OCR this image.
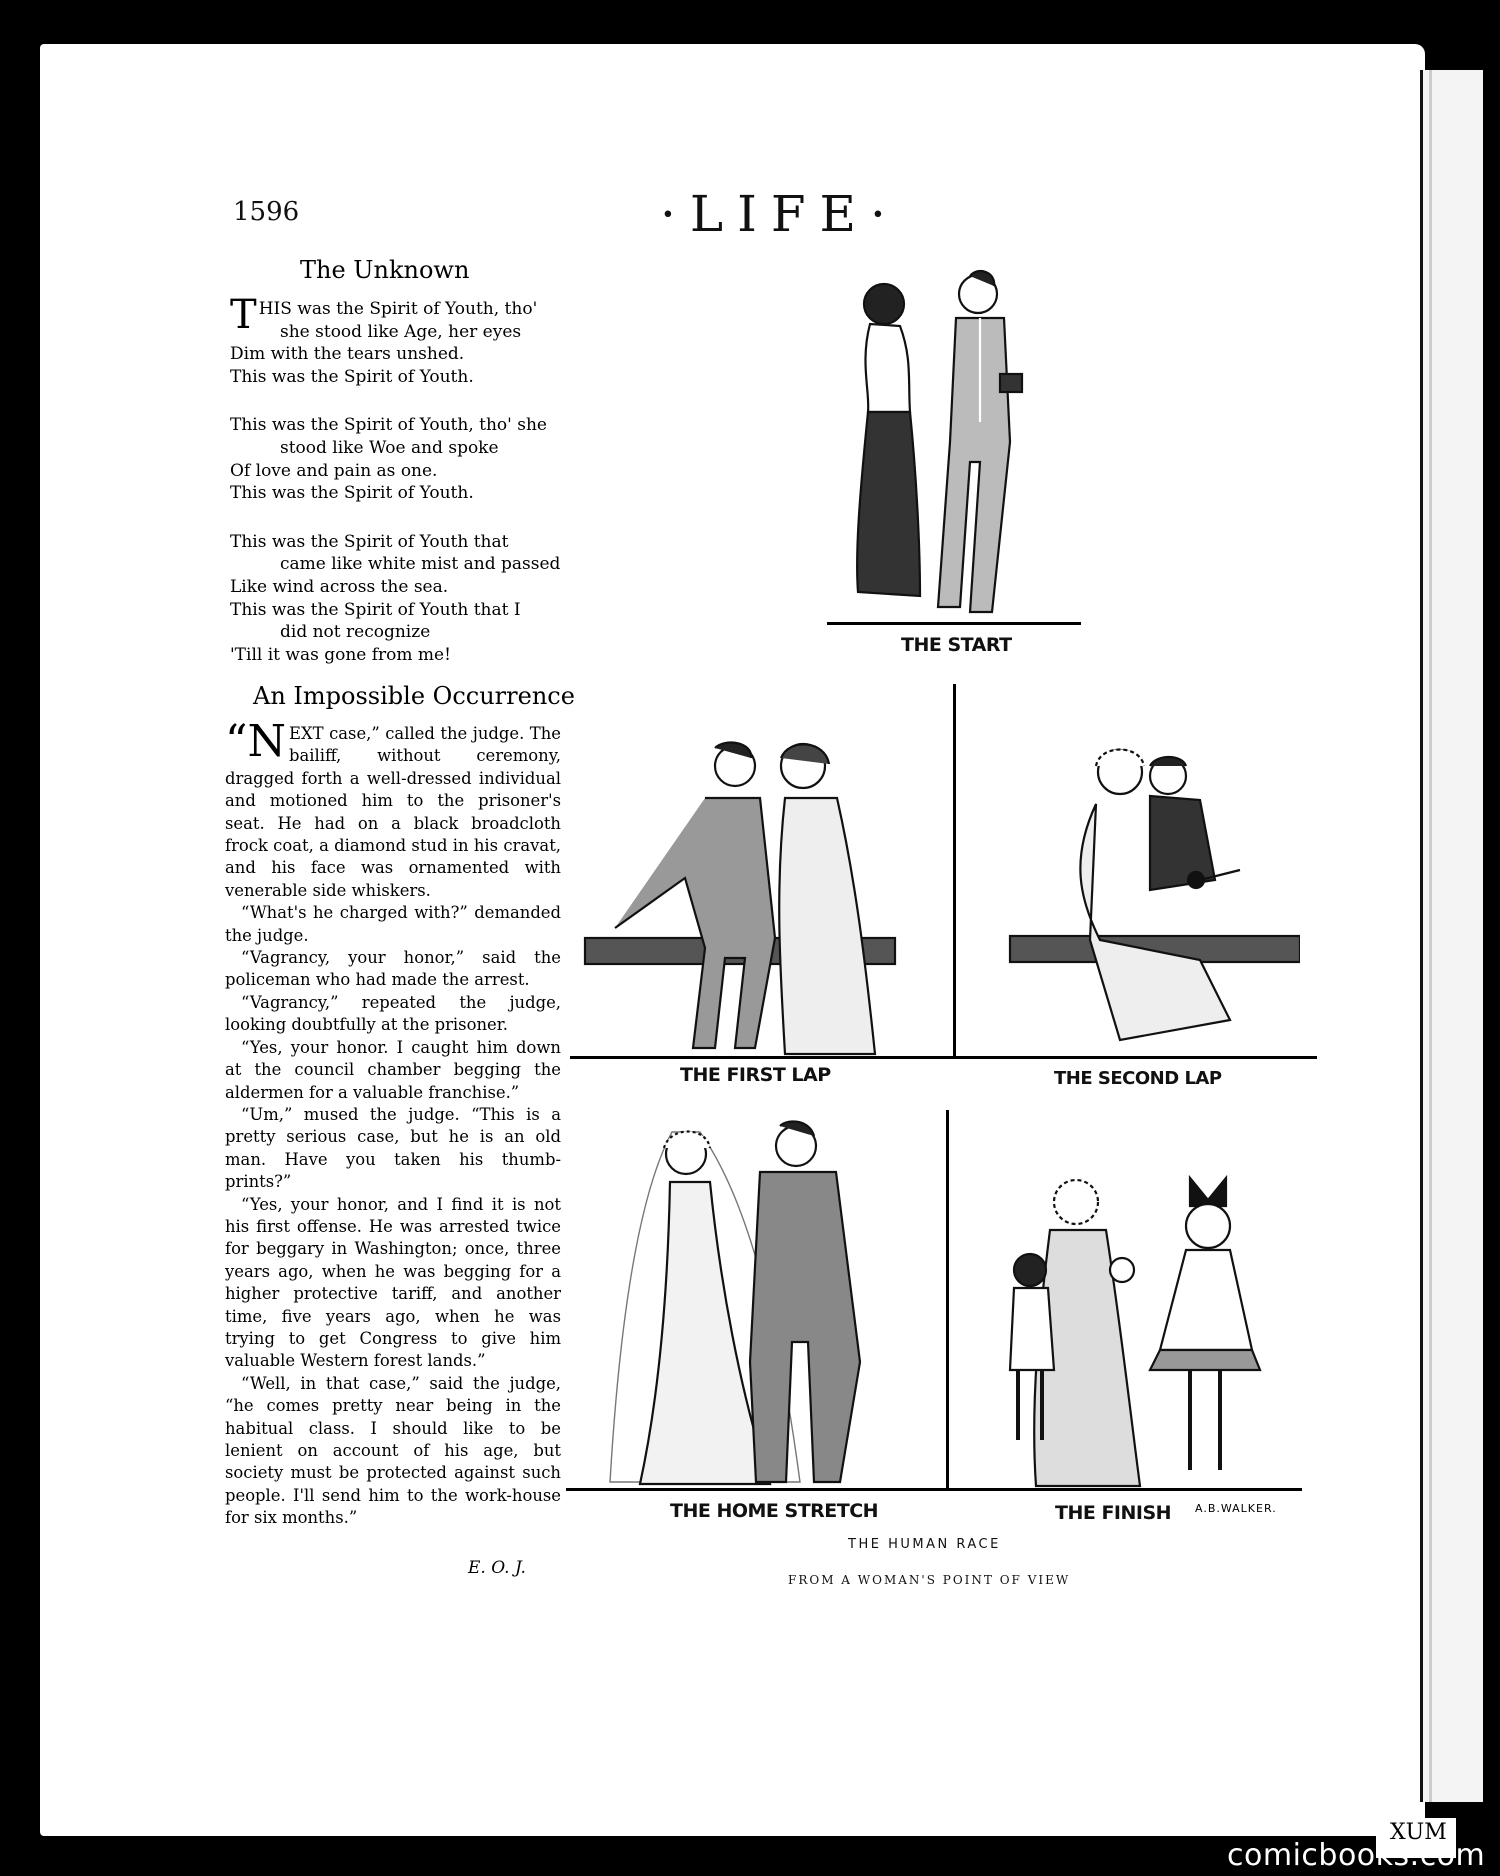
1596	·LIFE·
The Unknown

T HIS was the Spirit of Youth, tho'
she stood like Age, her eyes
Dim with the tears unshed.
This was the Spirit of Youth.

This was the Spirit of Youth, tho' she
stood like Woe and spoke
Of love and pain as one.
This was the Spirit of Youth.

This was the Spirit of Youth that
came like white mist and passed
Like wind across the sea.
This was the Spirit of Youth that I
did not recognize
'Till it was gone from me!

An Impossible Occurrence

“N EXT case,” called the judge. The bailiff, without ceremony, dragged forth a well-dressed individual and motioned him to the prisoner's seat. He had on a black broadcloth frock coat, a diamond stud in his cravat, and his face was ornamented with venerable side whiskers.

“What's he charged with?” demanded the judge.

“Vagrancy, your honor,” said the policeman who had made the arrest.

“Vagrancy,” repeated the judge, looking doubtfully at the prisoner.

“Yes, your honor. I caught him down at the council chamber begging the aldermen for a valuable franchise.”

“Um,” mused the judge. “This is a pretty serious case, but he is an old man. Have you taken his thumb-prints?”

“Yes, your honor, and I find it is not his first offense. He was arrested twice for beggary in Washington; once, three years ago, when he was begging for a higher protective tariff, and another time, five years ago, when he was trying to get Congress to give him valuable Western forest lands.”

“Well, in that case,” said the judge, “he comes pretty near being in the habitual class. I should like to be lenient on account of his age, but society must be protected against such people. I'll send him to the work-house for six months.”

E. O. J.
THE START
THE FIRST LAP	THE SECOND LAP
THE HOME STRETCH	THE FINISH A.B.WALKER.
THE HUMAN RACE
FROM A WOMAN'S POINT OF VIEW
XUM
comicbooks.com
